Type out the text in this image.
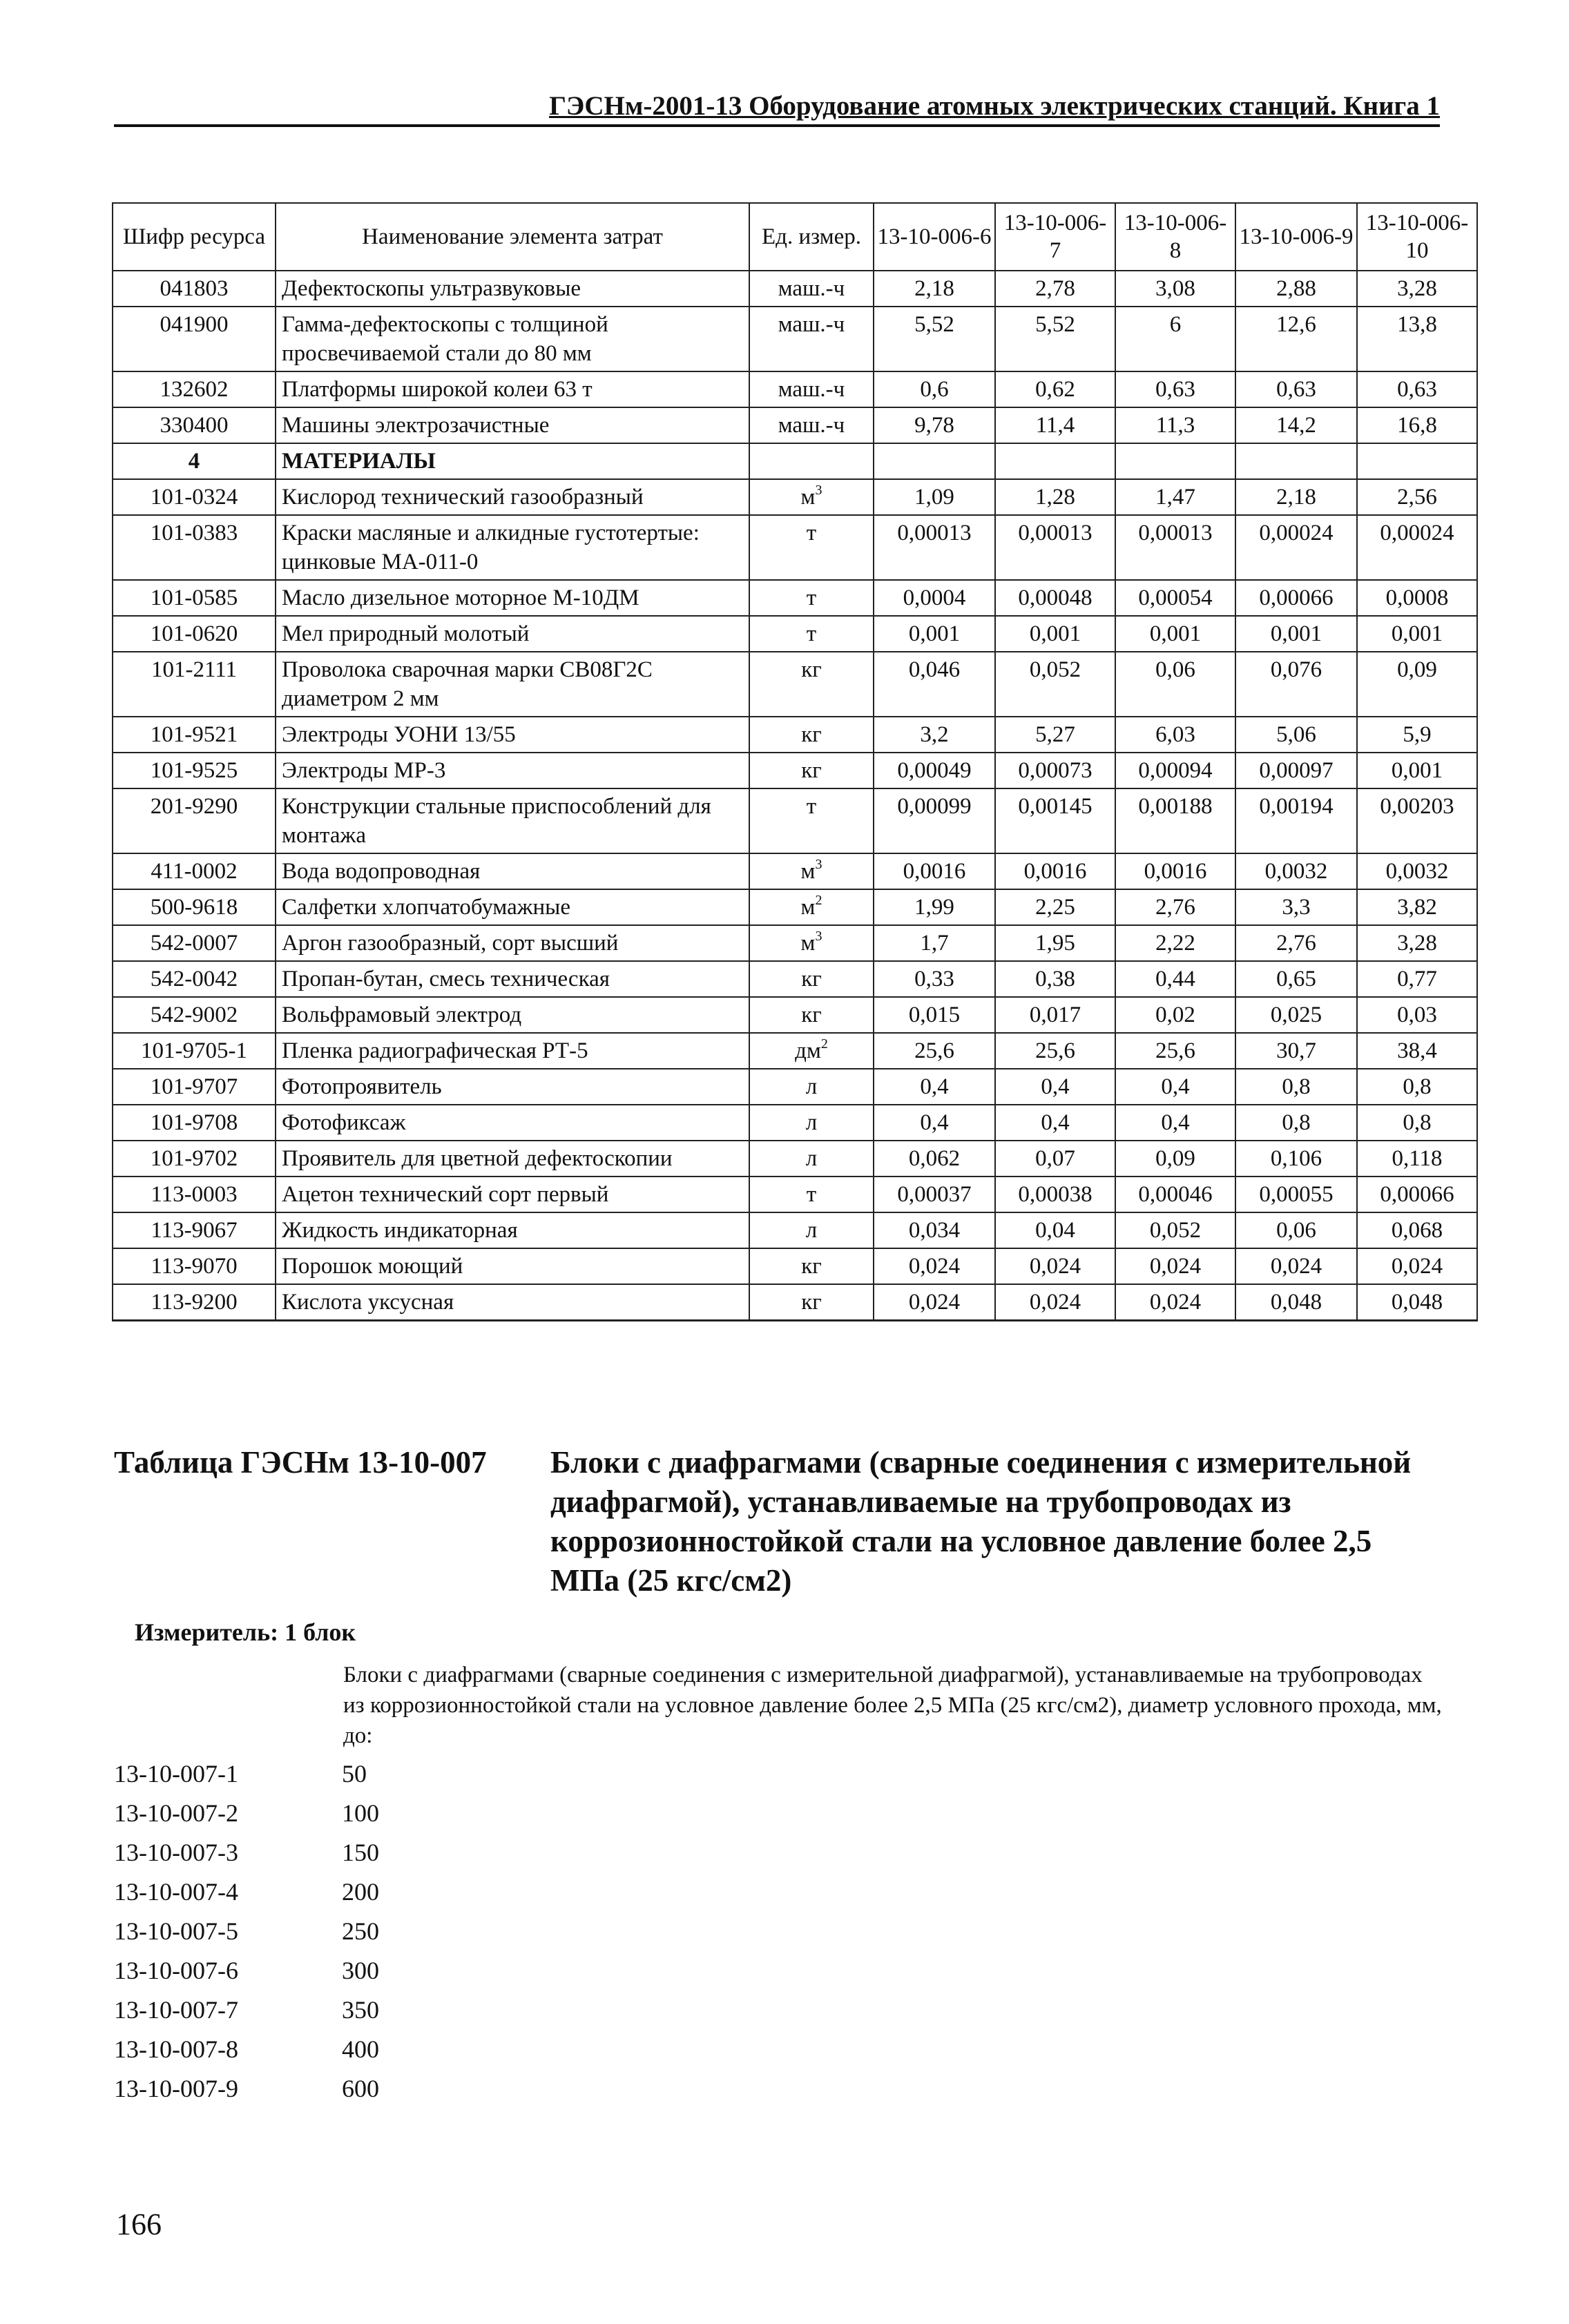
ГЭСНм-2001-13 Оборудование атомных электрических станций. Книга 1
Шифр ресурса	Наименование элемента затрат	Ед. измер.	13-10-006-6	13-10-006-7	13-10-006-8	13-10-006-9	13-10-006-10
041803	Дефектоскопы ультразвуковые	маш.-ч	2,18	2,78	3,08	2,88	3,28
041900	Гамма-дефектоскопы с толщиной просвечиваемой стали до 80 мм	маш.-ч	5,52	5,52	6	12,6	13,8
132602	Платформы широкой колеи 63 т	маш.-ч	0,6	0,62	0,63	0,63	0,63
330400	Машины электрозачистные	маш.-ч	9,78	11,4	11,3	14,2	16,8
4	МАТЕРИАЛЫ						
101-0324	Кислород технический газообразный	$м^3$	1,09	1,28	1,47	2,18	2,56
101-0383	Краски масляные и алкидные густотертые: цинковые МА-011-0	т	0,00013	0,00013	0,00013	0,00024	0,00024
101-0585	Масло дизельное моторное М-10ДМ	т	0,0004	0,00048	0,00054	0,00066	0,0008
101-0620	Мел природный молотый	т	0,001	0,001	0,001	0,001	0,001
101-2111	Проволока сварочная марки СВ08Г2С диаметром 2 мм	кг	0,046	0,052	0,06	0,076	0,09
101-9521	Электроды УОНИ 13/55	кг	3,2	5,27	6,03	5,06	5,9
101-9525	Электроды МР-3	кг	0,00049	0,00073	0,00094	0,00097	0,001
201-9290	Конструкции стальные приспособлений для монтажа	т	0,00099	0,00145	0,00188	0,00194	0,00203
411-0002	Вода водопроводная	$м^3$	0,0016	0,0016	0,0016	0,0032	0,0032
500-9618	Салфетки хлопчатобумажные	$м^2$	1,99	2,25	2,76	3,3	3,82
542-0007	Аргон газообразный, сорт высший	$м^3$	1,7	1,95	2,22	2,76	3,28
542-0042	Пропан-бутан, смесь техническая	кг	0,33	0,38	0,44	0,65	0,77
542-9002	Вольфрамовый электрод	кг	0,015	0,017	0,02	0,025	0,03
101-9705-1	Пленка радиографическая РТ-5	$дм^2$	25,6	25,6	25,6	30,7	38,4
101-9707	Фотопроявитель	л	0,4	0,4	0,4	0,8	0,8
101-9708	Фотофиксаж	л	0,4	0,4	0,4	0,8	0,8
101-9702	Проявитель для цветной дефектоскопии	л	0,062	0,07	0,09	0,106	0,118
113-0003	Ацетон технический сорт первый	т	0,00037	0,00038	0,00046	0,00055	0,00066
113-9067	Жидкость индикаторная	л	0,034	0,04	0,052	0,06	0,068
113-9070	Порошок моющий	кг	0,024	0,024	0,024	0,024	0,024
113-9200	Кислота уксусная	кг	0,024	0,024	0,024	0,048	0,048
Таблица ГЭСНм 13-10-007 Блоки с диафрагмами (сварные соединения с измерительной диафрагмой), устанавливаемые на трубопроводах из коррозионностойкой стали на условное давление более 2,5 МПа (25 кгс/см2)
Измеритель: 1 блок
Блоки с диафрагмами (сварные соединения с измерительной диафрагмой), устанавливаемые на трубопроводах из коррозионностойкой стали на условное давление более 2,5 МПа (25 кгс/см2), диаметр условного прохода, мм, до:
13-10-007-1	50
13-10-007-2	100
13-10-007-3	150
13-10-007-4	200
13-10-007-5	250
13-10-007-6	300
13-10-007-7	350
13-10-007-8	400
13-10-007-9	600
166
